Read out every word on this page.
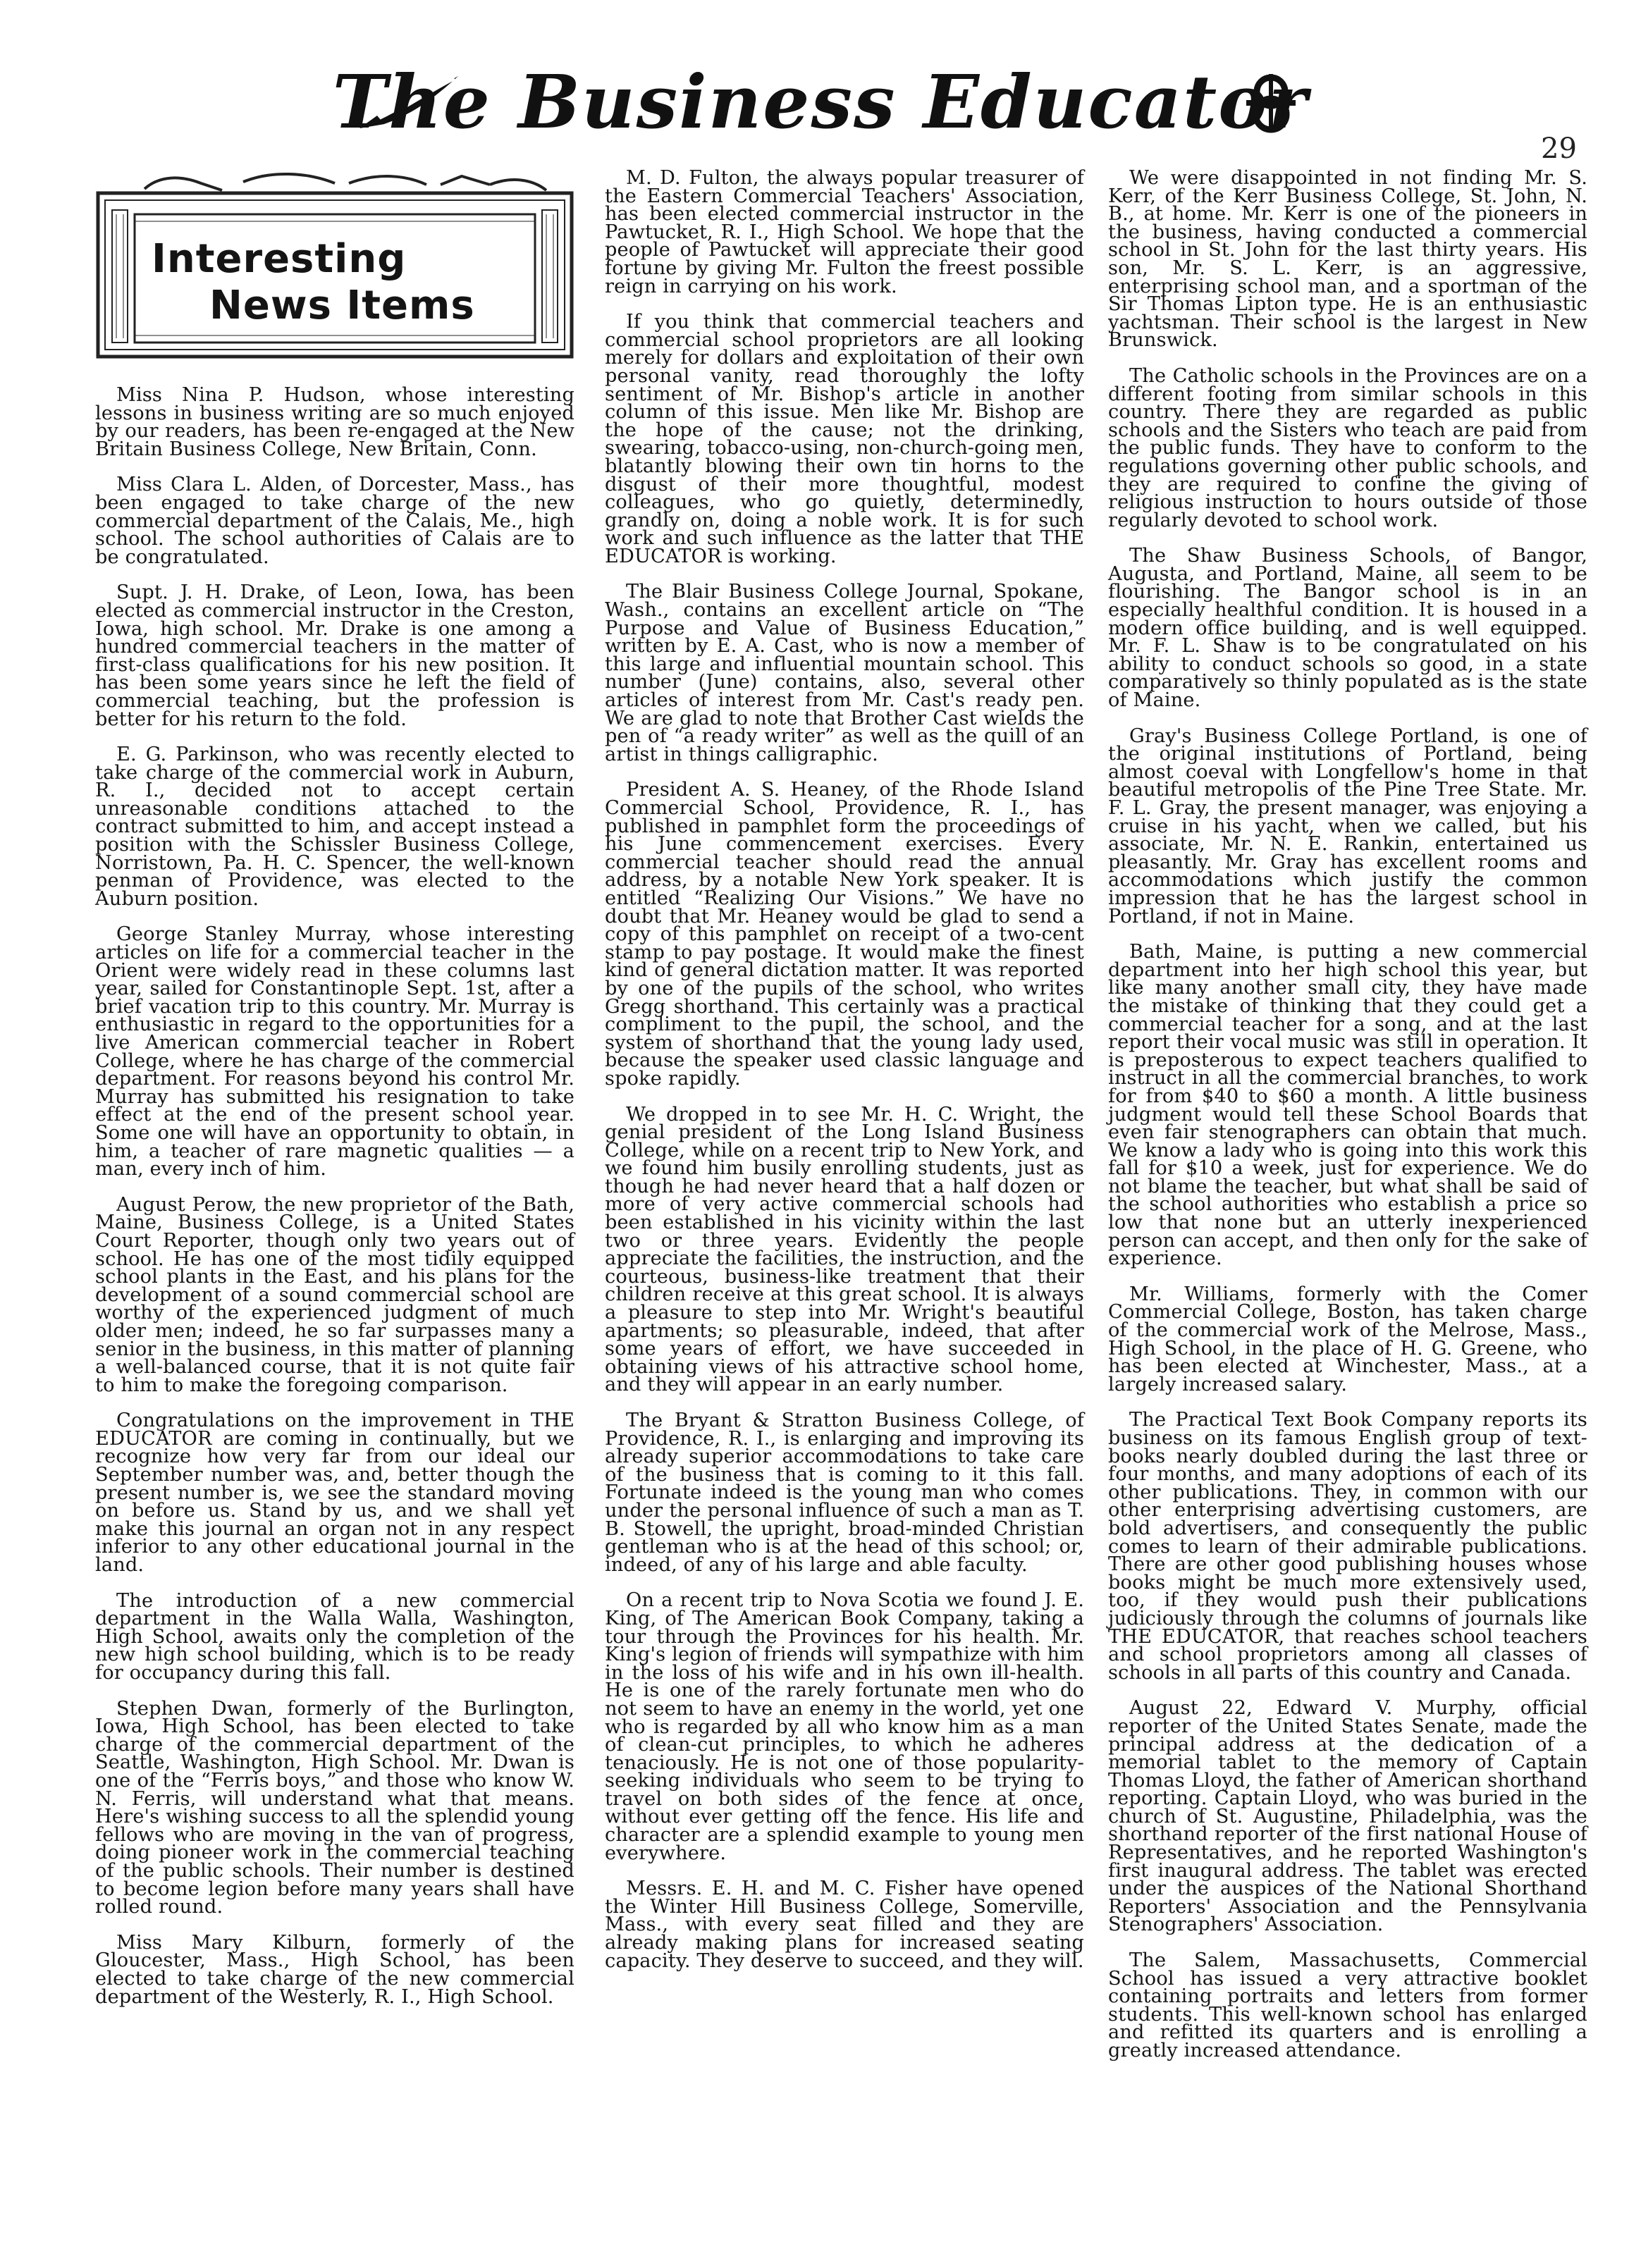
The Business Educator
29
Interesting
News Items

Miss Nina P. Hudson, whose interesting lessons in business writing are so much enjoyed by our readers, has been re-engaged at the New Britain Business College, New Britain, Conn.

Miss Clara L. Alden, of Dorcester, Mass., has been engaged to take charge of the new commercial department of the Calais, Me., high school. The school authorities of Calais are to be congratulated.

Supt. J. H. Drake, of Leon, Iowa, has been elected as commercial instructor in the Creston, Iowa, high school. Mr. Drake is one among a hundred commercial teachers in the matter of first-class qualifications for his new position. It has been some years since he left the field of commercial teaching, but the profession is better for his return to the fold.

E. G. Parkinson, who was recently elected to take charge of the commercial work in Auburn, R. I., decided not to accept certain unreasonable conditions attached to the contract submitted to him, and accept instead a position with the Schissler Business College, Norristown, Pa. H. C. Spencer, the well-known penman of Providence, was elected to the Auburn position.

George Stanley Murray, whose interesting articles on life for a commercial teacher in the Orient were widely read in these columns last year, sailed for Constantinople Sept. 1st, after a brief vacation trip to this country. Mr. Murray is enthusiastic in regard to the opportunities for a live American commercial teacher in Robert College, where he has charge of the commercial department. For reasons beyond his control Mr. Murray has submitted his resignation to take effect at the end of the present school year. Some one will have an opportunity to obtain, in him, a teacher of rare magnetic qualities — a man, every inch of him.

August Perow, the new proprietor of the Bath, Maine, Business College, is a United States Court Reporter, though only two years out of school. He has one of the most tidily equipped school plants in the East, and his plans for the development of a sound commercial school are worthy of the experienced judgment of much older men; indeed, he so far surpasses many a senior in the business, in this matter of planning a well-balanced course, that it is not quite fair to him to make the foregoing comparison.

Congratulations on the improvement in THE EDUCATOR are coming in continually, but we recognize how very far from our ideal our September number was, and, better though the present number is, we see the standard moving on before us. Stand by us, and we shall yet make this journal an organ not in any respect inferior to any other educational journal in the land.

The introduction of a new commercial department in the Walla Walla, Washington, High School, awaits only the completion of the new high school building, which is to be ready for occupancy during this fall.

Stephen Dwan, formerly of the Burlington, Iowa, High School, has been elected to take charge of the commercial department of the Seattle, Washington, High School. Mr. Dwan is one of the “Ferris boys,” and those who know W. N. Ferris, will understand what that means. Here's wishing success to all the splendid young fellows who are moving in the van of progress, doing pioneer work in the commercial teaching of the public schools. Their number is destined to become legion before many years shall have rolled round.

Miss Mary Kilburn, formerly of the Gloucester, Mass., High School, has been elected to take charge of the new commercial department of the Westerly, R. I., High School.

M. D. Fulton, the always popular treasurer of the Eastern Commercial Teachers' Association, has been elected commercial instructor in the Pawtucket, R. I., High School. We hope that the people of Pawtucket will appreciate their good fortune by giving Mr. Fulton the freest possible reign in carrying on his work.

If you think that commercial teachers and commercial school proprietors are all looking merely for dollars and exploitation of their own personal vanity, read thoroughly the lofty sentiment of Mr. Bishop's article in another column of this issue. Men like Mr. Bishop are the hope of the cause; not the drinking, swearing, tobacco-using, non-church-going men, blatantly blowing their own tin horns to the disgust of their more thoughtful, modest colleagues, who go quietly, determinedly, grandly on, doing a noble work. It is for such work and such influence as the latter that THE EDUCATOR is working.

The Blair Business College Journal, Spokane, Wash., contains an excellent article on “The Purpose and Value of Business Education,” written by E. A. Cast, who is now a member of this large and influential mountain school. This number (June) contains, also, several other articles of interest from Mr. Cast's ready pen. We are glad to note that Brother Cast wields the pen of “a ready writer” as well as the quill of an artist in things calligraphic.

President A. S. Heaney, of the Rhode Island Commercial School, Providence, R. I., has published in pamphlet form the proceedings of his June commencement exercises. Every commercial teacher should read the annual address, by a notable New York speaker. It is entitled “Realizing Our Visions.” We have no doubt that Mr. Heaney would be glad to send a copy of this pamphlet on receipt of a two-cent stamp to pay postage. It would make the finest kind of general dictation matter. It was reported by one of the pupils of the school, who writes Gregg shorthand. This certainly was a practical compliment to the pupil, the school, and the system of shorthand that the young lady used, because the speaker used classic language and spoke rapidly.

We dropped in to see Mr. H. C. Wright, the genial president of the Long Island Business College, while on a recent trip to New York, and we found him busily enrolling students, just as though he had never heard that a half dozen or more of very active commercial schools had been established in his vicinity within the last two or three years. Evidently the people appreciate the facilities, the instruction, and the courteous, business-like treatment that their children receive at this great school. It is always a pleasure to step into Mr. Wright's beautiful apartments; so pleasurable, indeed, that after some years of effort, we have succeeded in obtaining views of his attractive school home, and they will appear in an early number.

The Bryant & Stratton Business College, of Providence, R. I., is enlarging and improving its already superior accommodations to take care of the business that is coming to it this fall. Fortunate indeed is the young man who comes under the personal influence of such a man as T. B. Stowell, the upright, broad-minded Christian gentleman who is at the head of this school; or, indeed, of any of his large and able faculty.

On a recent trip to Nova Scotia we found J. E. King, of The American Book Company, taking a tour through the Provinces for his health. Mr. King's legion of friends will sympathize with him in the loss of his wife and in his own ill-health. He is one of the rarely fortunate men who do not seem to have an enemy in the world, yet one who is regarded by all who know him as a man of clean-cut principles, to which he adheres tenaciously. He is not one of those popularity-seeking individuals who seem to be trying to travel on both sides of the fence at once, without ever getting off the fence. His life and character are a splendid example to young men everywhere.

Messrs. E. H. and M. C. Fisher have opened the Winter Hill Business College, Somerville, Mass., with every seat filled and they are already making plans for increased seating capacity. They deserve to succeed, and they will.

We were disappointed in not finding Mr. S. Kerr, of the Kerr Business College, St. John, N. B., at home. Mr. Kerr is one of the pioneers in the business, having conducted a commercial school in St. John for the last thirty years. His son, Mr. S. L. Kerr, is an aggressive, enterprising school man, and a sportman of the Sir Thomas Lipton type. He is an enthusiastic yachtsman. Their school is the largest in New Brunswick.

The Catholic schools in the Provinces are on a different footing from similar schools in this country. There they are regarded as public schools and the Sisters who teach are paid from the public funds. They have to conform to the regulations governing other public schools, and they are required to confine the giving of religious instruction to hours outside of those regularly devoted to school work.

The Shaw Business Schools, of Bangor, Augusta, and Portland, Maine, all seem to be flourishing. The Bangor school is in an especially healthful condition. It is housed in a modern office building, and is well equipped. Mr. F. L. Shaw is to be congratulated on his ability to conduct schools so good, in a state comparatively so thinly populated as is the state of Maine.

Gray's Business College Portland, is one of the original institutions of Portland, being almost coeval with Longfellow's home in that beautiful metropolis of the Pine Tree State. Mr. F. L. Gray, the present manager, was enjoying a cruise in his yacht, when we called, but his associate, Mr. N. E. Rankin, entertained us pleasantly. Mr. Gray has excellent rooms and accommodations which justify the common impression that he has the largest school in Portland, if not in Maine.

Bath, Maine, is putting a new commercial department into her high school this year, but like many another small city, they have made the mistake of thinking that they could get a commercial teacher for a song, and at the last report their vocal music was still in operation. It is preposterous to expect teachers qualified to instruct in all the commercial branches, to work for from $40 to $60 a month. A little business judgment would tell these School Boards that even fair stenographers can obtain that much. We know a lady who is going into this work this fall for $10 a week, just for experience. We do not blame the teacher, but what shall be said of the school authorities who establish a price so low that none but an utterly inexperienced person can accept, and then only for the sake of experience.

Mr. Williams, formerly with the Comer Commercial College, Boston, has taken charge of the commercial work of the Melrose, Mass., High School, in the place of H. G. Greene, who has been elected at Winchester, Mass., at a largely increased salary.

The Practical Text Book Company reports its business on its famous English group of text-books nearly doubled during the last three or four months, and many adoptions of each of its other publications. They, in common with our other enterprising advertising customers, are bold advertisers, and consequently the public comes to learn of their admirable publications. There are other good publishing houses whose books might be much more extensively used, too, if they would push their publications judiciously through the columns of journals like THE EDUCATOR, that reaches school teachers and school proprietors among all classes of schools in all parts of this country and Canada.

August 22, Edward V. Murphy, official reporter of the United States Senate, made the principal address at the dedication of a memorial tablet to the memory of Captain Thomas Lloyd, the father of American shorthand reporting. Captain Lloyd, who was buried in the church of St. Augustine, Philadelphia, was the shorthand reporter of the first national House of Representatives, and he reported Washington's first inaugural address. The tablet was erected under the auspices of the National Shorthand Reporters' Association and the Pennsylvania Stenographers' Association.

The Salem, Massachusetts, Commercial School has issued a very attractive booklet containing portraits and letters from former students. This well-known school has enlarged and refitted its quarters and is enrolling a greatly increased attendance.
